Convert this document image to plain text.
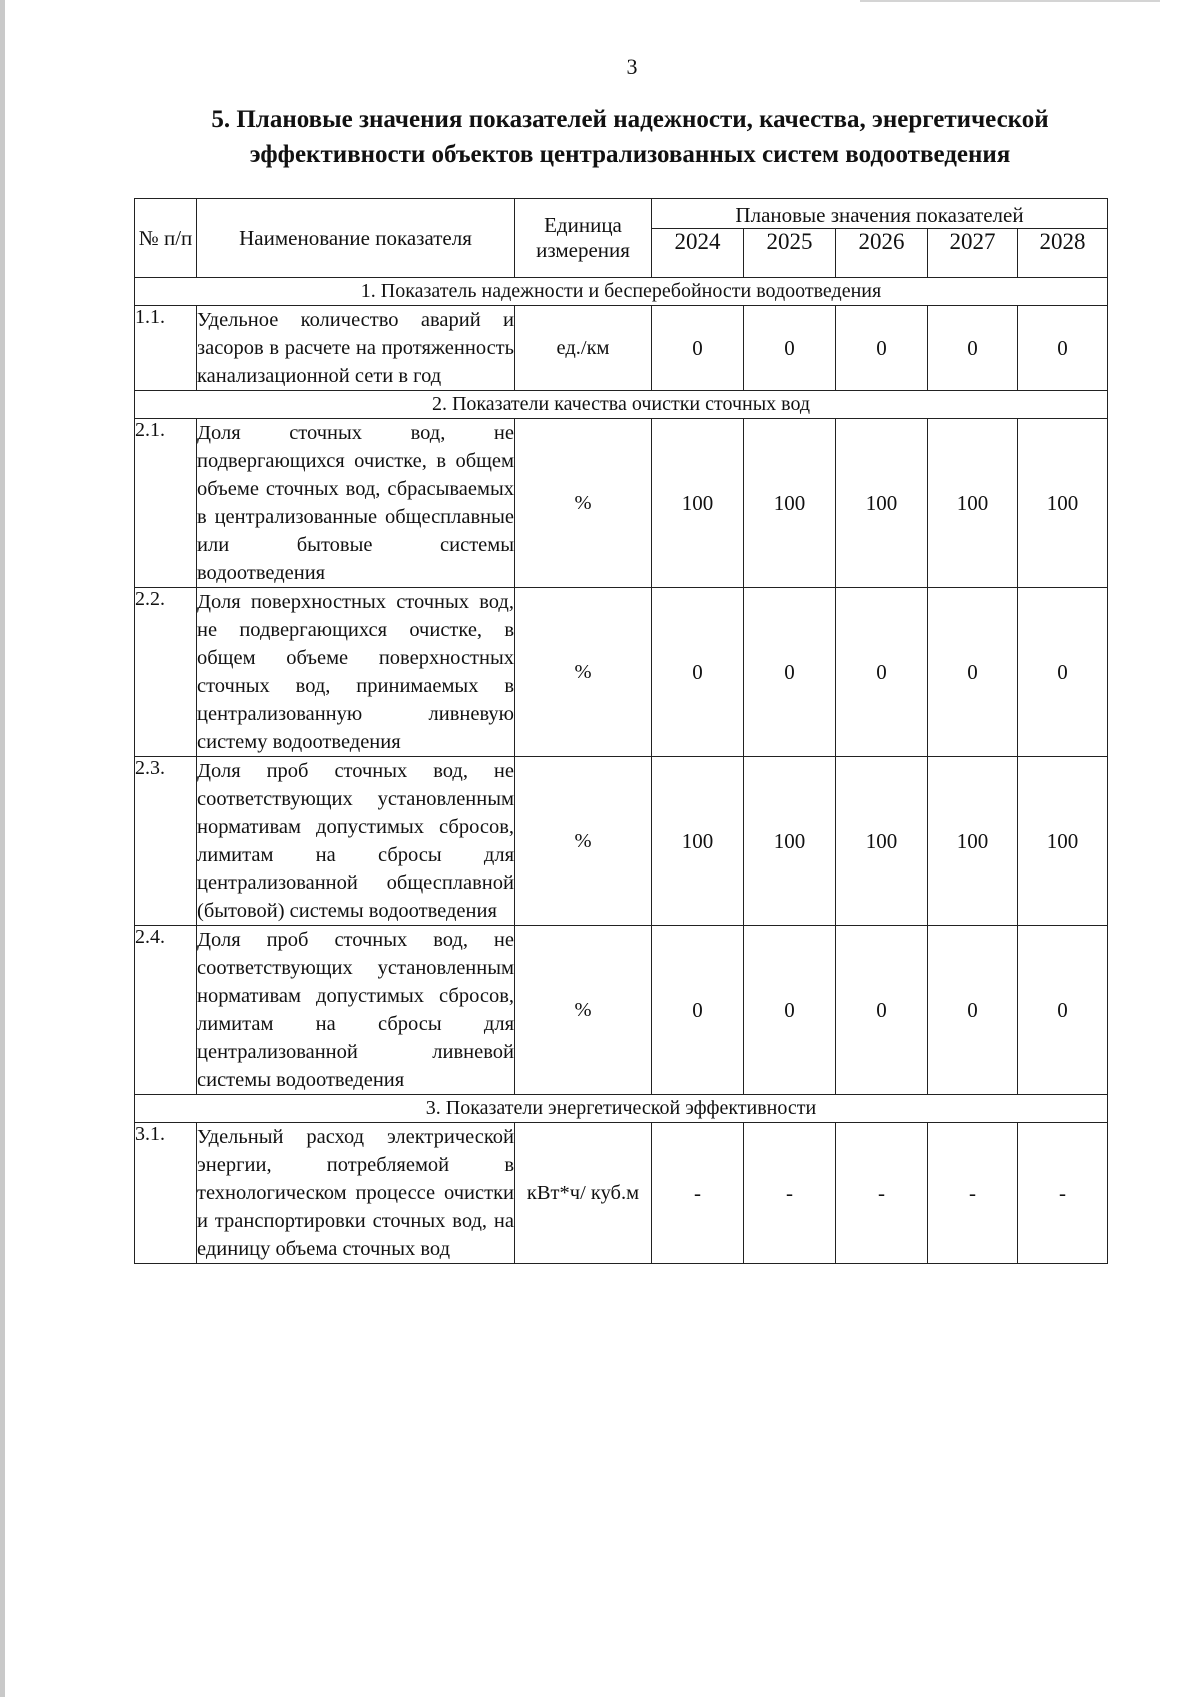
3
5. Плановые значения показателей надежности, качества, энергетической эффективности объектов централизованных систем водоотведения
№ п/п	Наименование показателя	Единица измерения	Плановые значения показателей				
			2024	2025	2026	2027	2028
1. Показатель надежности и бесперебойности водоотведения							
1.1.	Удельное количество аварий и засоров в расчете на протяженность канализационной сети в год	ед./км	0	0	0	0	0
2. Показатели качества очистки сточных вод							
2.1.	Доля сточных вод, не подвергающихся очистке, в общем объеме сточных вод, сбрасываемых в централизованные общесплавные или бытовые системы водоотведения	%	100	100	100	100	100
2.2.	Доля поверхностных сточных вод, не подвергающихся очистке, в общем объеме поверхностных сточных вод, принимаемых в централизованную ливневую систему водоотведения	%	0	0	0	0	0
2.3.	Доля проб сточных вод, не соответствующих установленным нормативам допустимых сбросов, лимитам на сбросы для централизованной общесплавной (бытовой) системы водоотведения	%	100	100	100	100	100
2.4.	Доля проб сточных вод, не соответствующих установленным нормативам допустимых сбросов, лимитам на сбросы для централизованной ливневой системы водоотведения	%	0	0	0	0	0
3. Показатели энергетической эффективности							
3.1.	Удельный расход электрической энергии, потребляемой в технологическом процессе очистки и транспортировки сточных вод, на единицу объема сточных вод	кВт*ч/ куб.м	-	-	-	-	-
